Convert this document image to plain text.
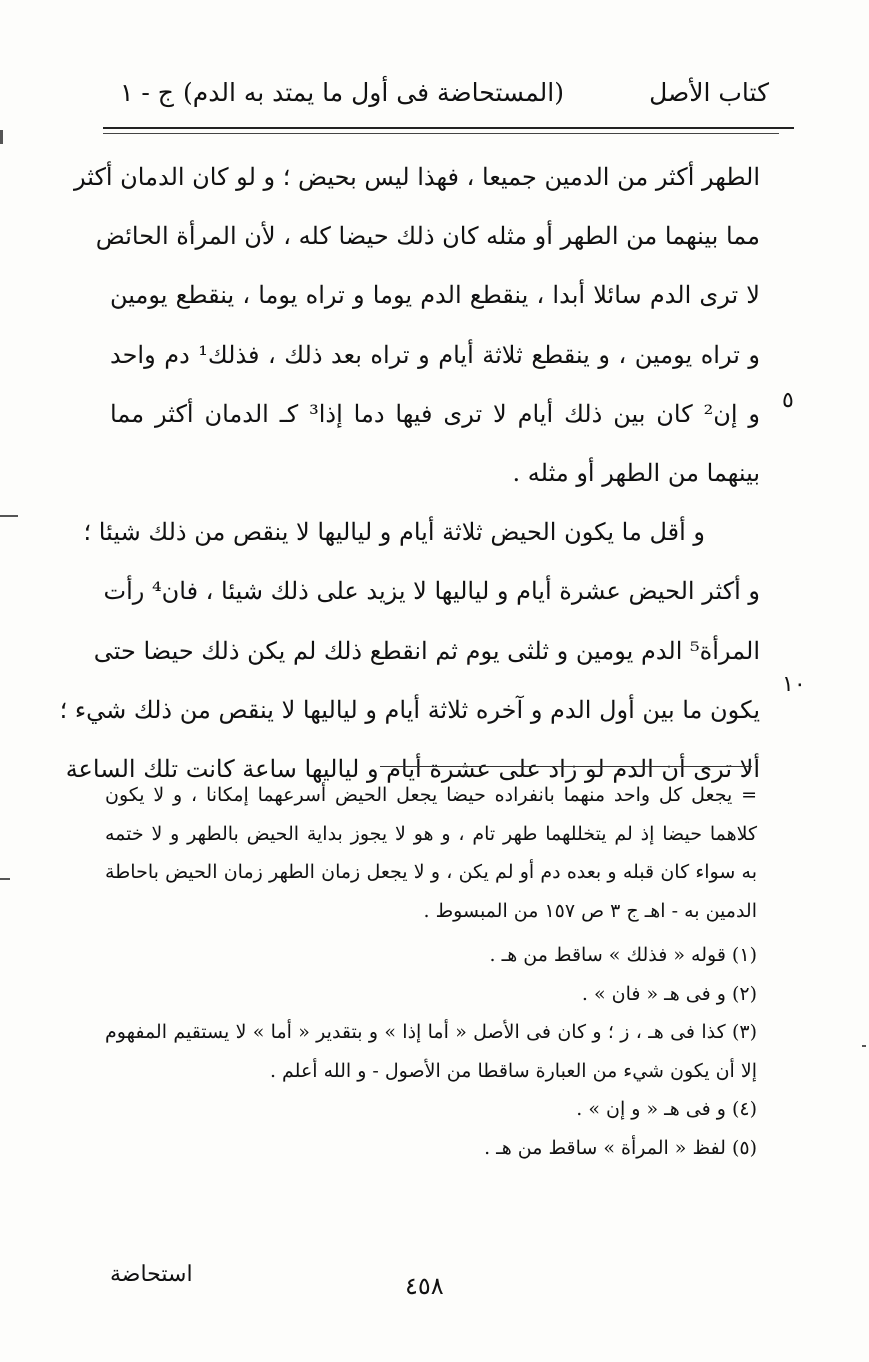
كتاب الأصل
(المستحاضة فى أول ما يمتد به الدم)
ج - ١
الطهر أكثر من الدمين جميعا ، فهذا ليس بحيض ؛ و لو كان الدمان أكثر
مما بينهما من الطهر أو مثله كان ذلك حيضا كله ، لأن المرأة الحائض
لا ترى الدم سائلا أبدا ، ينقطع الدم يوما و تراه يوما ، ينقطع يومين
و تراه يومين ، و ينقطع ثلاثة أيام و تراه بعد ذلك ، فذلك¹ دم واحد
و إن² كان بين ذلك أيام لا ترى فيها دما إذا³ كـ الدمان أكثر مما
بينهما من الطهر أو مثله .
و أقل ما يكون الحيض ثلاثة أيام و لياليها لا ينقص من ذلك شيئا ؛
و أكثر الحيض عشرة أيام و لياليها لا يزيد على ذلك شيئا ، فان⁴ رأت
المرأة⁵ الدم يومين و ثلثى يوم ثم انقطع ذلك لم يكن ذلك حيضا حتى
يكون ما بين أول الدم و آخره ثلاثة أيام و لياليها لا ينقص من ذلك شيء ؛
ألا ترى أن الدم لو زاد على عشرة أيام و لياليها ساعة كانت تلك الساعة
٥
١٠
= يجعل كل واحد منهما بانفراده حيضا يجعل الحيض أسرعهما إمكانا ، و لا يكون
كلاهما حيضا إذ لم يتخللهما طهر تام ، و هو لا يجوز بداية الحيض بالطهر و لا ختمه
به سواء كان قبله و بعده دم أو لم يكن ، و لا يجعل زمان الطهر زمان الحيض باحاطة
الدمين به - اهـ ج ٣ ص ١٥٧ من المبسوط .
(١) قوله « فذلك » ساقط من هـ .
(٢) و فى هـ « فان » .
(٣) كذا فى هـ ، ز ؛ و كان فى الأصل « أما إذا » و بتقدير « أما » لا يستقيم المفهوم
إلا أن يكون شيء من العبارة ساقطا من الأصول - و الله أعلم .
(٤) و فى هـ « و إن » .
(٥) لفظ « المرأة » ساقط من هـ .
٤٥٨
استحاضة
